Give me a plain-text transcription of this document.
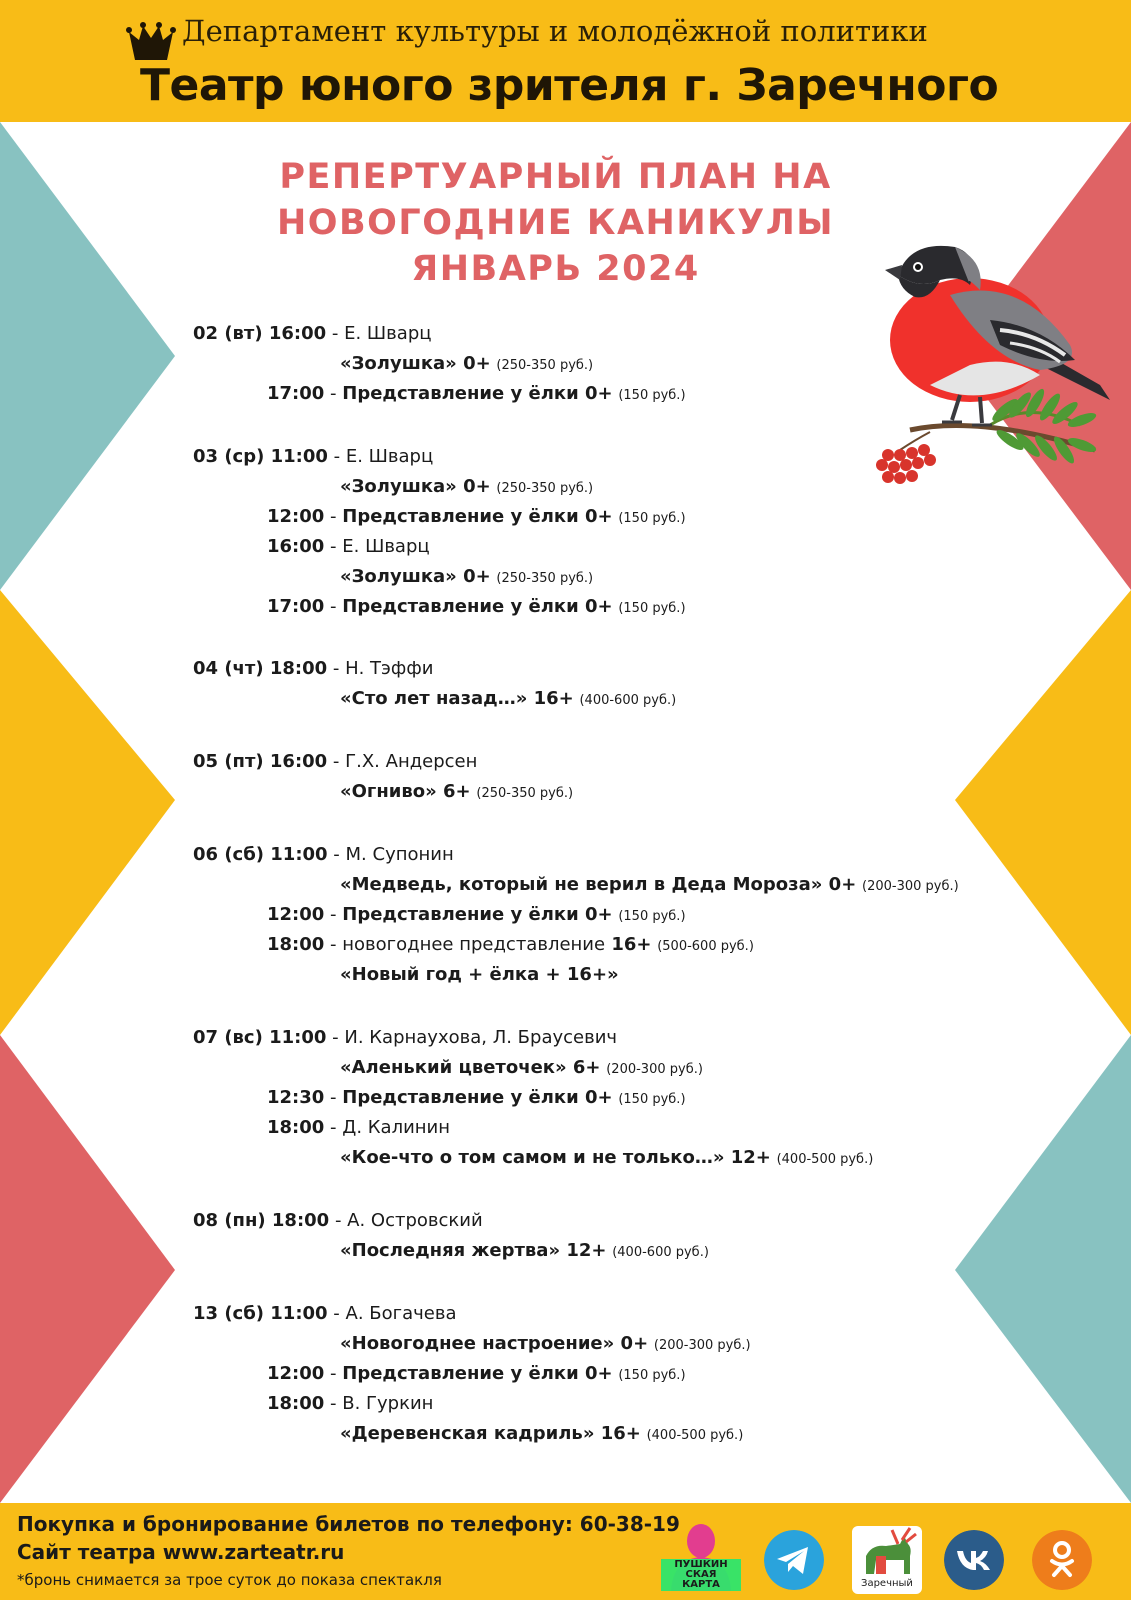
Департамент культуры и молодёжной политики
Театр юного зрителя г. Заречного
РЕПЕРТУАРНЫЙ ПЛАН НА
НОВОГОДНИЕ КАНИКУЛЫ
ЯНВАРЬ 2024
02 (вт) 16:00 - Е. Шварц
«Золушка» 0+ (250-350 руб.)
17:00 - Представление у ёлки 0+ (150 руб.)
03 (ср) 11:00 - Е. Шварц
«Золушка» 0+ (250-350 руб.)
12:00 - Представление у ёлки 0+ (150 руб.)
16:00 - Е. Шварц
«Золушка» 0+ (250-350 руб.)
17:00 - Представление у ёлки 0+ (150 руб.)
04 (чт) 18:00 - Н. Тэффи
«Сто лет назад…» 16+ (400-600 руб.)
05 (пт) 16:00 - Г.Х. Андерсен
«Огниво» 6+ (250-350 руб.)
06 (сб) 11:00 - М. Супонин
«Медведь, который не верил в Деда Мороза» 0+ (200-300 руб.)
12:00 - Представление у ёлки 0+ (150 руб.)
18:00 - новогоднее представление 16+ (500-600 руб.)
«Новый год + ёлка + 16+»
07 (вс) 11:00 - И. Карнаухова, Л. Браусевич
«Аленький цветочек» 6+ (200-300 руб.)
12:30 - Представление у ёлки 0+ (150 руб.)
18:00 - Д. Калинин
«Кое-что о том самом и не только…» 12+ (400-500 руб.)
08 (пн) 18:00 - А. Островский
«Последняя жертва» 12+ (400-600 руб.)
13 (сб) 11:00 - А. Богачева
«Новогоднее настроение» 0+ (200-300 руб.)
12:00 - Представление у ёлки 0+ (150 руб.)
18:00 - В. Гуркин
«Деревенская кадриль» 16+ (400-500 руб.)
Покупка и бронирование билетов по телефону: 60-38-19
Сайт театра www.zarteatr.ru
*бронь снимается за трое суток до показа спектакля
ПУШКИН
СКАЯ
КАРТА	Заречный
